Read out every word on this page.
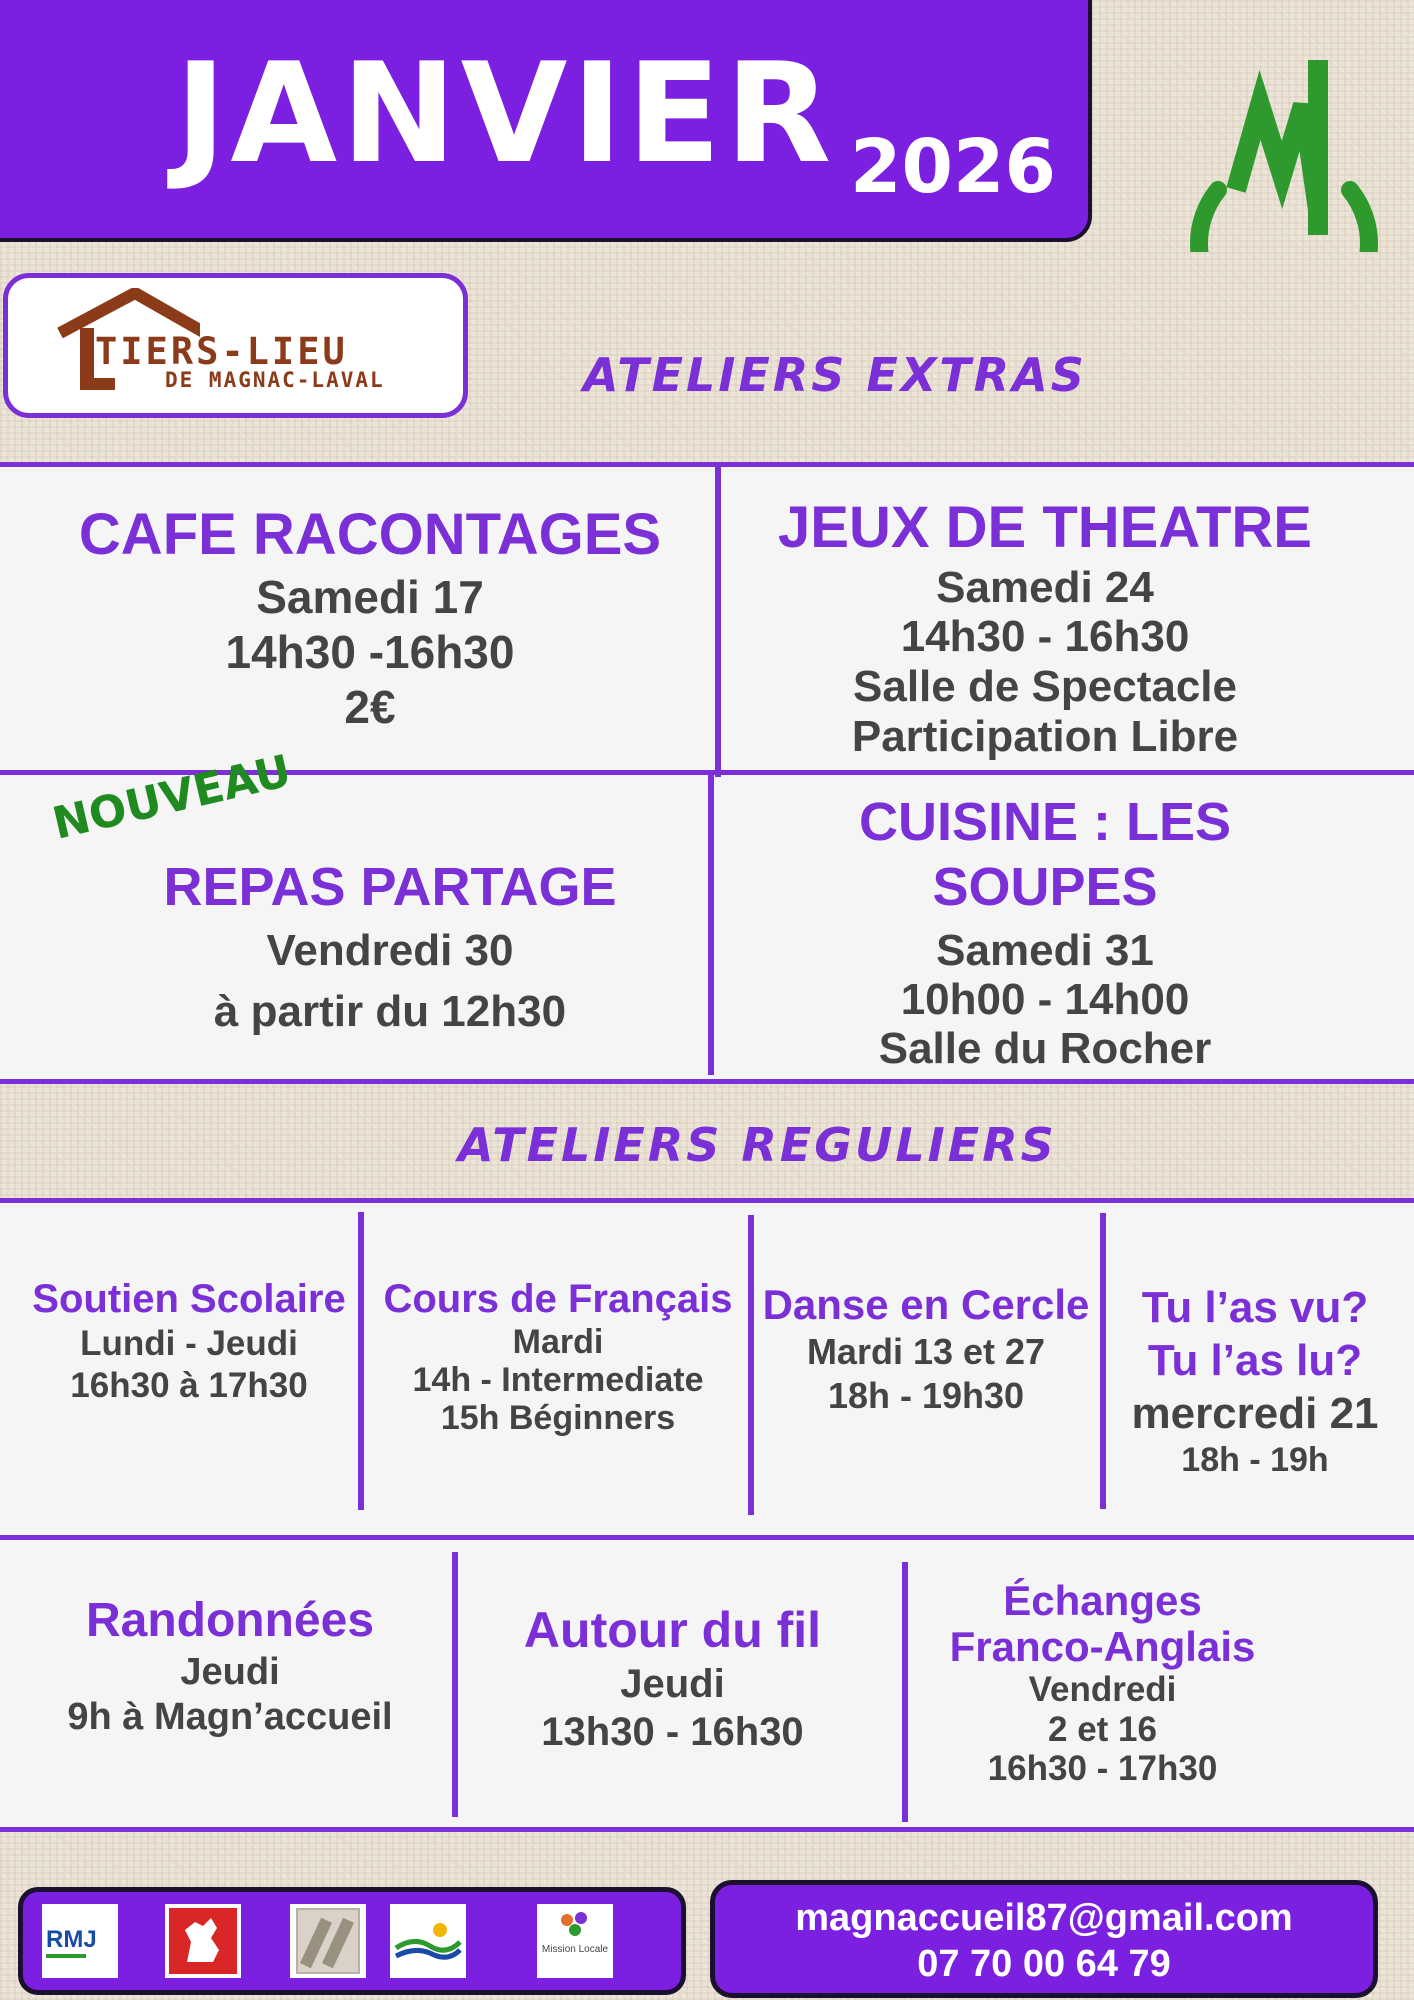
JANVIER 2026
TIERS-LIEU
DE MAGNAC-LAVAL	ATELIERS EXTRAS
CAFE RACONTAGES
Samedi 17
14h30 -16h30
2€
JEUX DE THEATRE
Samedi 24
14h30 - 16h30
Salle de Spectacle
Participation Libre
NOUVEAU
REPAS PARTAGE
Vendredi 30
à partir du 12h30
CUISINE : LES SOUPES
Samedi 31
10h00 - 14h00
Salle du Rocher
ATELIERS REGULIERS
Soutien Scolaire
Lundi - Jeudi
16h30 à 17h30
Cours de Français
Mardi
14h - Intermediate
15h Béginners
Danse en Cercle
Mardi 13 et 27
18h - 19h30
Tu l’as vu?
Tu l’as lu?
mercredi 21
18h - 19h
Randonnées
Jeudi
9h à Magn’accueil
Autour du fil
Jeudi
13h30 - 16h30
Échanges
Franco-Anglais
Vendredi
2 et 16
16h30 - 17h30
RMJ	Mission Locale
magnaccueil87@gmail.com
07 70 00 64 79
